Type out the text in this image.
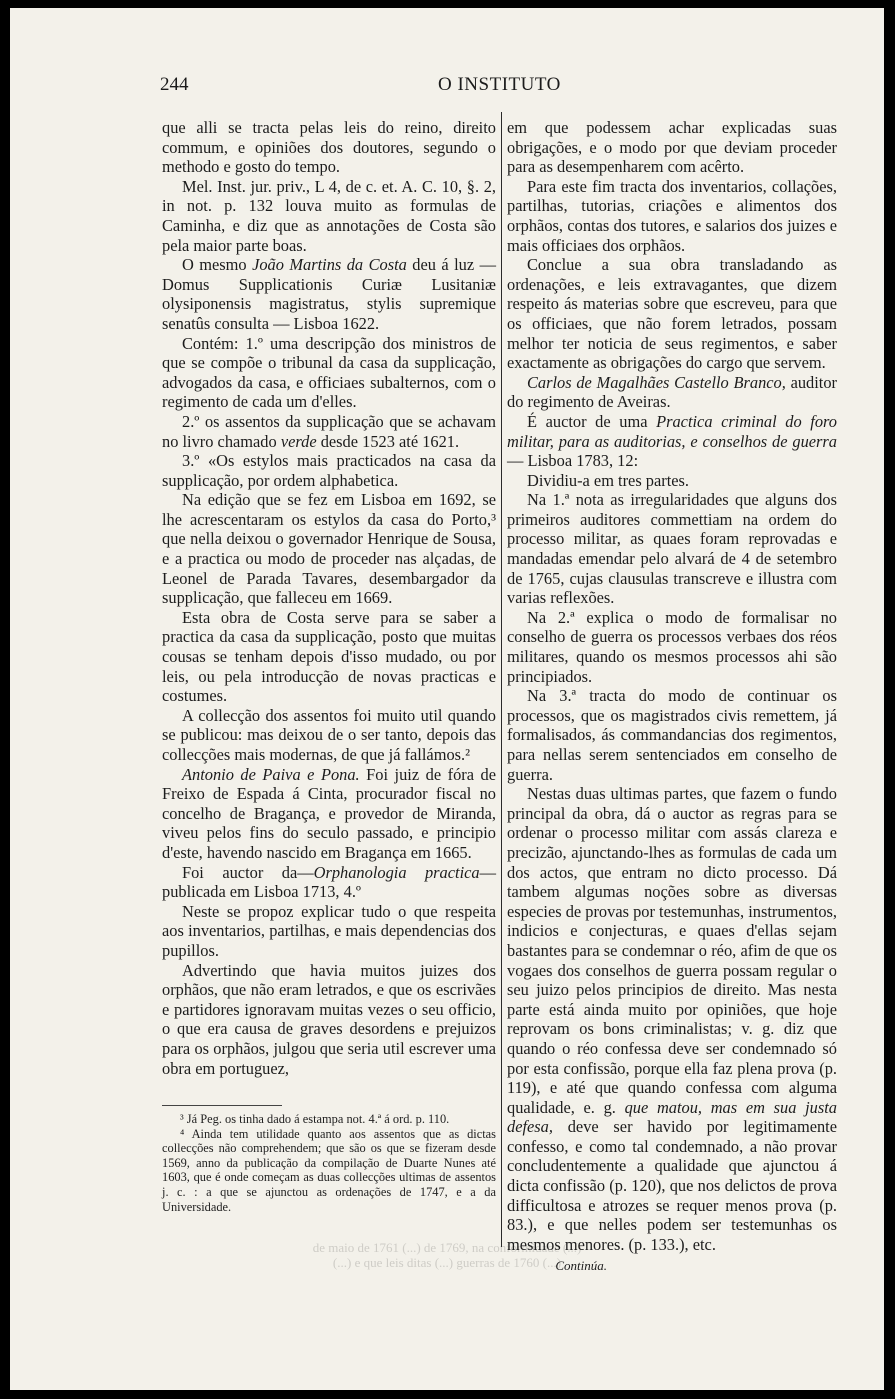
244	O INSTITUTO

que alli se tracta pelas leis do reino, direito commum, e opiniões dos doutores, segundo o methodo e gosto do tempo.

Mel. Inst. jur. priv., L 4, de c. et. A. C. 10, §. 2, in not. p. 132 louva muito as formulas de Caminha, e diz que as annotações de Costa são pela maior parte boas.

O mesmo João Martins da Costa deu á luz — Domus Supplicationis Curiæ Lusitaniæ olysiponensis magistratus, stylis supremique senatûs consulta — Lisboa 1622.

Contém: 1.º uma descripção dos ministros de que se compõe o tribunal da casa da supplicação, advogados da casa, e officiaes subalternos, com o regimento de cada um d'elles.

2.º os assentos da supplicação que se achavam no livro chamado verde desde 1523 até 1621.

3.º «Os estylos mais practicados na casa da supplicação, por ordem alphabetica.

Na edição que se fez em Lisboa em 1692, se lhe acrescentaram os estylos da casa do Porto,³ que nella deixou o governador Henrique de Sousa, e a practica ou modo de proceder nas alçadas, de Leonel de Parada Tavares, desembargador da supplicação, que falleceu em 1669.

Esta obra de Costa serve para se saber a practica da casa da supplicação, posto que muitas cousas se tenham depois d'isso mudado, ou por leis, ou pela introducção de novas practicas e costumes.

A collecção dos assentos foi muito util quando se publicou: mas deixou de o ser tanto, depois das collecções mais modernas, de que já fallámos.²

Antonio de Paiva e Pona. Foi juiz de fóra de Freixo de Espada á Cinta, procurador fiscal no concelho de Bragança, e provedor de Miranda, viveu pelos fins do seculo passado, e principio d'este, havendo nascido em Bragança em 1665.

Foi auctor da—Orphanologia practica—publicada em Lisboa 1713, 4.º

Neste se propoz explicar tudo o que respeita aos inventarios, partilhas, e mais dependencias dos pupillos.

Advertindo que havia muitos juizes dos orphãos, que não eram letrados, e que os escrivães e partidores ignoravam muitas vezes o seu officio, o que era causa de graves desordens e prejuizos para os orphãos, julgou que seria util escrever uma obra em portuguez,

³ Já Peg. os tinha dado á estampa not. 4.ª á ord. p. 110.

⁴ Ainda tem utilidade quanto aos assentos que as dictas collecções não comprehendem; que são os que se fizeram desde 1569, anno da publicação da compilação de Duarte Nunes até 1603, que é onde começam as duas collecções ultimas de assentos j. c. : a que se ajunctou as ordenações de 1747, e a da Universidade.

em que podessem achar explicadas suas obrigações, e o modo por que deviam proceder para as desempenharem com acêrto.

Para este fim tracta dos inventarios, collações, partilhas, tutorias, criações e alimentos dos orphãos, contas dos tutores, e salarios dos juizes e mais officiaes dos orphãos.

Conclue a sua obra transladando as ordenações, e leis extravagantes, que dizem respeito ás materias sobre que escreveu, para que os officiaes, que não forem letrados, possam melhor ter noticia de seus regimentos, e saber exactamente as obrigações do cargo que servem.

Carlos de Magalhães Castello Branco, auditor do regimento de Aveiras.

É auctor de uma Practica criminal do foro militar, para as auditorias, e conselhos de guerra — Lisboa 1783, 12:

Dividiu-a em tres partes.

Na 1.ª nota as irregularidades que alguns dos primeiros auditores commettiam na ordem do processo militar, as quaes foram reprovadas e mandadas emendar pelo alvará de 4 de setembro de 1765, cujas clausulas transcreve e illustra com varias reflexões.

Na 2.ª explica o modo de formalisar no conselho de guerra os processos verbaes dos réos militares, quando os mesmos processos ahi são principiados.

Na 3.ª tracta do modo de continuar os processos, que os magistrados civis remettem, já formalisados, ás commandancias dos regimentos, para nellas serem sentenciados em conselho de guerra.

Nestas duas ultimas partes, que fazem o fundo principal da obra, dá o auctor as regras para se ordenar o processo militar com assás clareza e precizão, ajunctando-lhes as formulas de cada um dos actos, que entram no dicto processo. Dá tambem algumas noções sobre as diversas especies de provas por testemunhas, instrumentos, indicios e conjecturas, e quaes d'ellas sejam bastantes para se condemnar o réo, afim de que os vogaes dos conselhos de guerra possam regular o seu juizo pelos principios de direito. Mas nesta parte está ainda muito por opiniões, que hoje reprovam os bons criminalistas; v. g. diz que quando o réo confessa deve ser condemnado só por esta confissão, porque ella faz plena prova (p. 119), e até que quando confessa com alguma qualidade, e. g. que matou, mas em sua justa defesa, deve ser havido por legitimamente confesso, e como tal condemnado, a não provar concludentemente a qualidade que ajunctou á dicta confissão (p. 120), que nos delictos de prova difficultosa e atrozes se requer menos prova (p. 83.), e que nelles podem ser testemunhas os mesmos menores. (p. 133.), etc.

Continúa.

de maio de 1761 (...) de 1769, na conformidade (...)
(...) e que leis ditas (...) guerras de 1760 (...)
